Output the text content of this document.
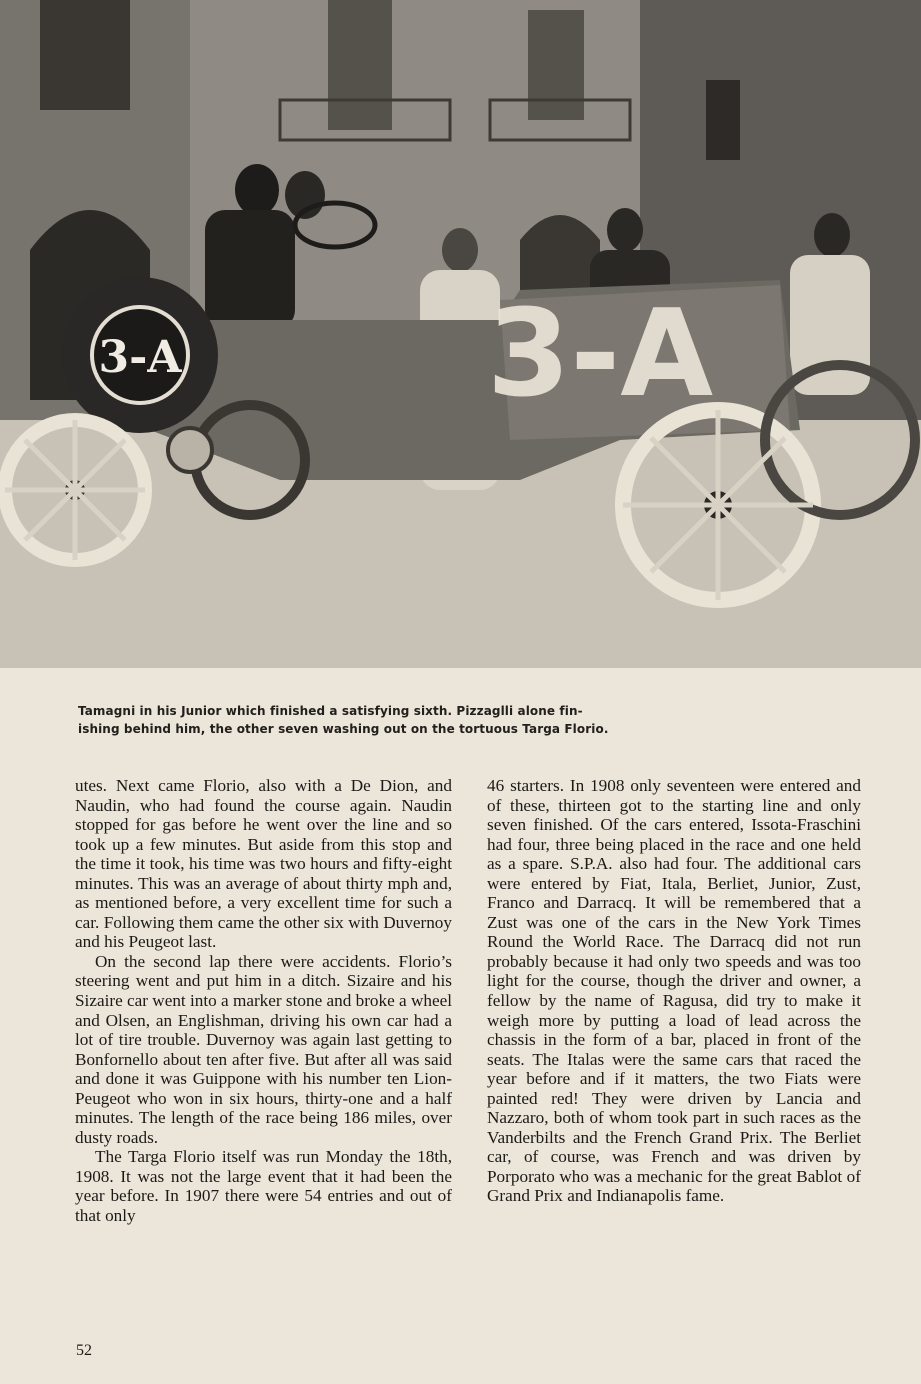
3-A	3-A
Tamagni in his Junior which finished a satisfying sixth. Pizzaglli alone fin-
ishing behind him, the other seven washing out on the tortuous Targa Florio.

utes. Next came Florio, also with a De Dion, and Naudin, who had found the course again. Naudin stopped for gas before he went over the line and so took up a few minutes. But aside from this stop and the time it took, his time was two hours and fifty-eight minutes. This was an average of about thirty mph and, as mentioned before, a very excellent time for such a car. Following them came the other six with Duvernoy and his Peugeot last.

On the second lap there were accidents. Florio’s steering went and put him in a ditch. Sizaire and his Sizaire car went into a marker stone and broke a wheel and Olsen, an Englishman, driving his own car had a lot of tire trouble. Duvernoy was again last getting to Bonfornello about ten after five. But after all was said and done it was Guippone with his number ten Lion-Peugeot who won in six hours, thirty-one and a half minutes. The length of the race being 186 miles, over dusty roads.

The Targa Florio itself was run Monday the 18th, 1908. It was not the large event that it had been the year before. In 1907 there were 54 entries and out of that only

46 starters. In 1908 only seventeen were entered and of these, thirteen got to the starting line and only seven finished. Of the cars entered, Issota-Fraschini had four, three being placed in the race and one held as a spare. S.P.A. also had four. The additional cars were entered by Fiat, Itala, Berliet, Junior, Zust, Franco and Darracq. It will be remembered that a Zust was one of the cars in the New York Times Round the World Race. The Darracq did not run probably because it had only two speeds and was too light for the course, though the driver and owner, a fellow by the name of Ragusa, did try to make it weigh more by putting a load of lead across the chassis in the form of a bar, placed in front of the seats. The Italas were the same cars that raced the year before and if it matters, the two Fiats were painted red! They were driven by Lancia and Nazzaro, both of whom took part in such races as the Vanderbilts and the French Grand Prix. The Berliet car, of course, was French and was driven by Porporato who was a mechanic for the great Bablot of Grand Prix and Indianapolis fame.

52
